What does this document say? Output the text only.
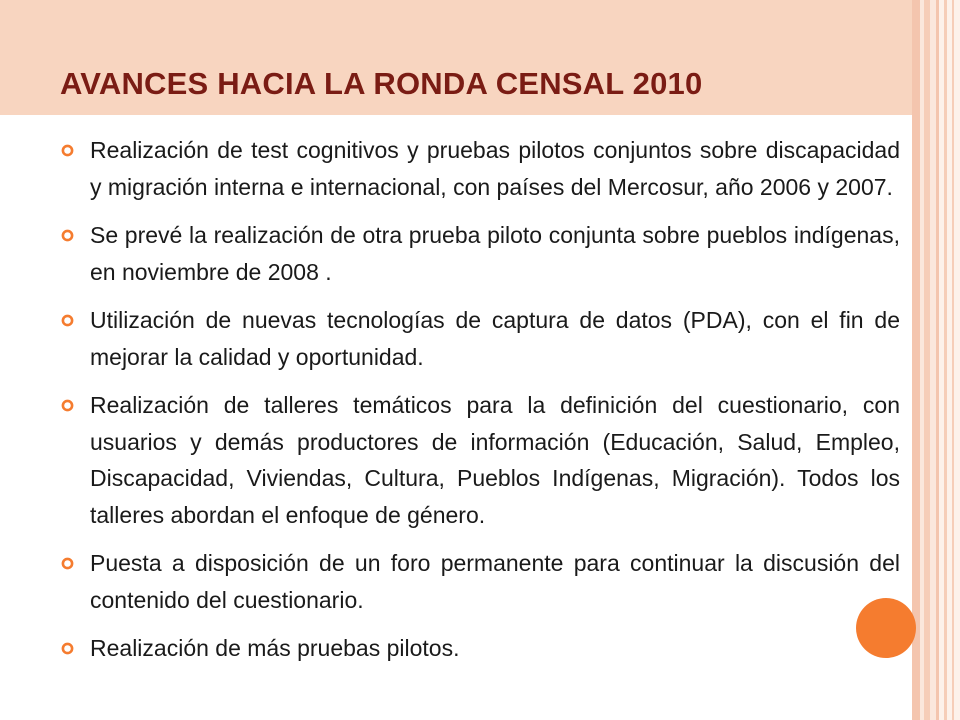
AVANCES HACIA LA RONDA CENSAL 2010
Realización de test cognitivos y pruebas pilotos conjuntos sobre discapacidad y migración interna e internacional, con países del Mercosur, año 2006 y 2007.
Se prevé la realización de otra prueba piloto conjunta sobre pueblos indígenas, en noviembre de 2008 .
Utilización de nuevas tecnologías de captura de datos (PDA), con el fin de mejorar la calidad y oportunidad.
Realización de talleres temáticos para la definición del cuestionario, con usuarios y demás productores de información (Educación, Salud, Empleo, Discapacidad, Viviendas, Cultura, Pueblos Indígenas, Migración). Todos los talleres abordan el enfoque de género.
Puesta a disposición de un foro permanente para continuar la discusión del contenido del cuestionario.
Realización de más pruebas pilotos.
